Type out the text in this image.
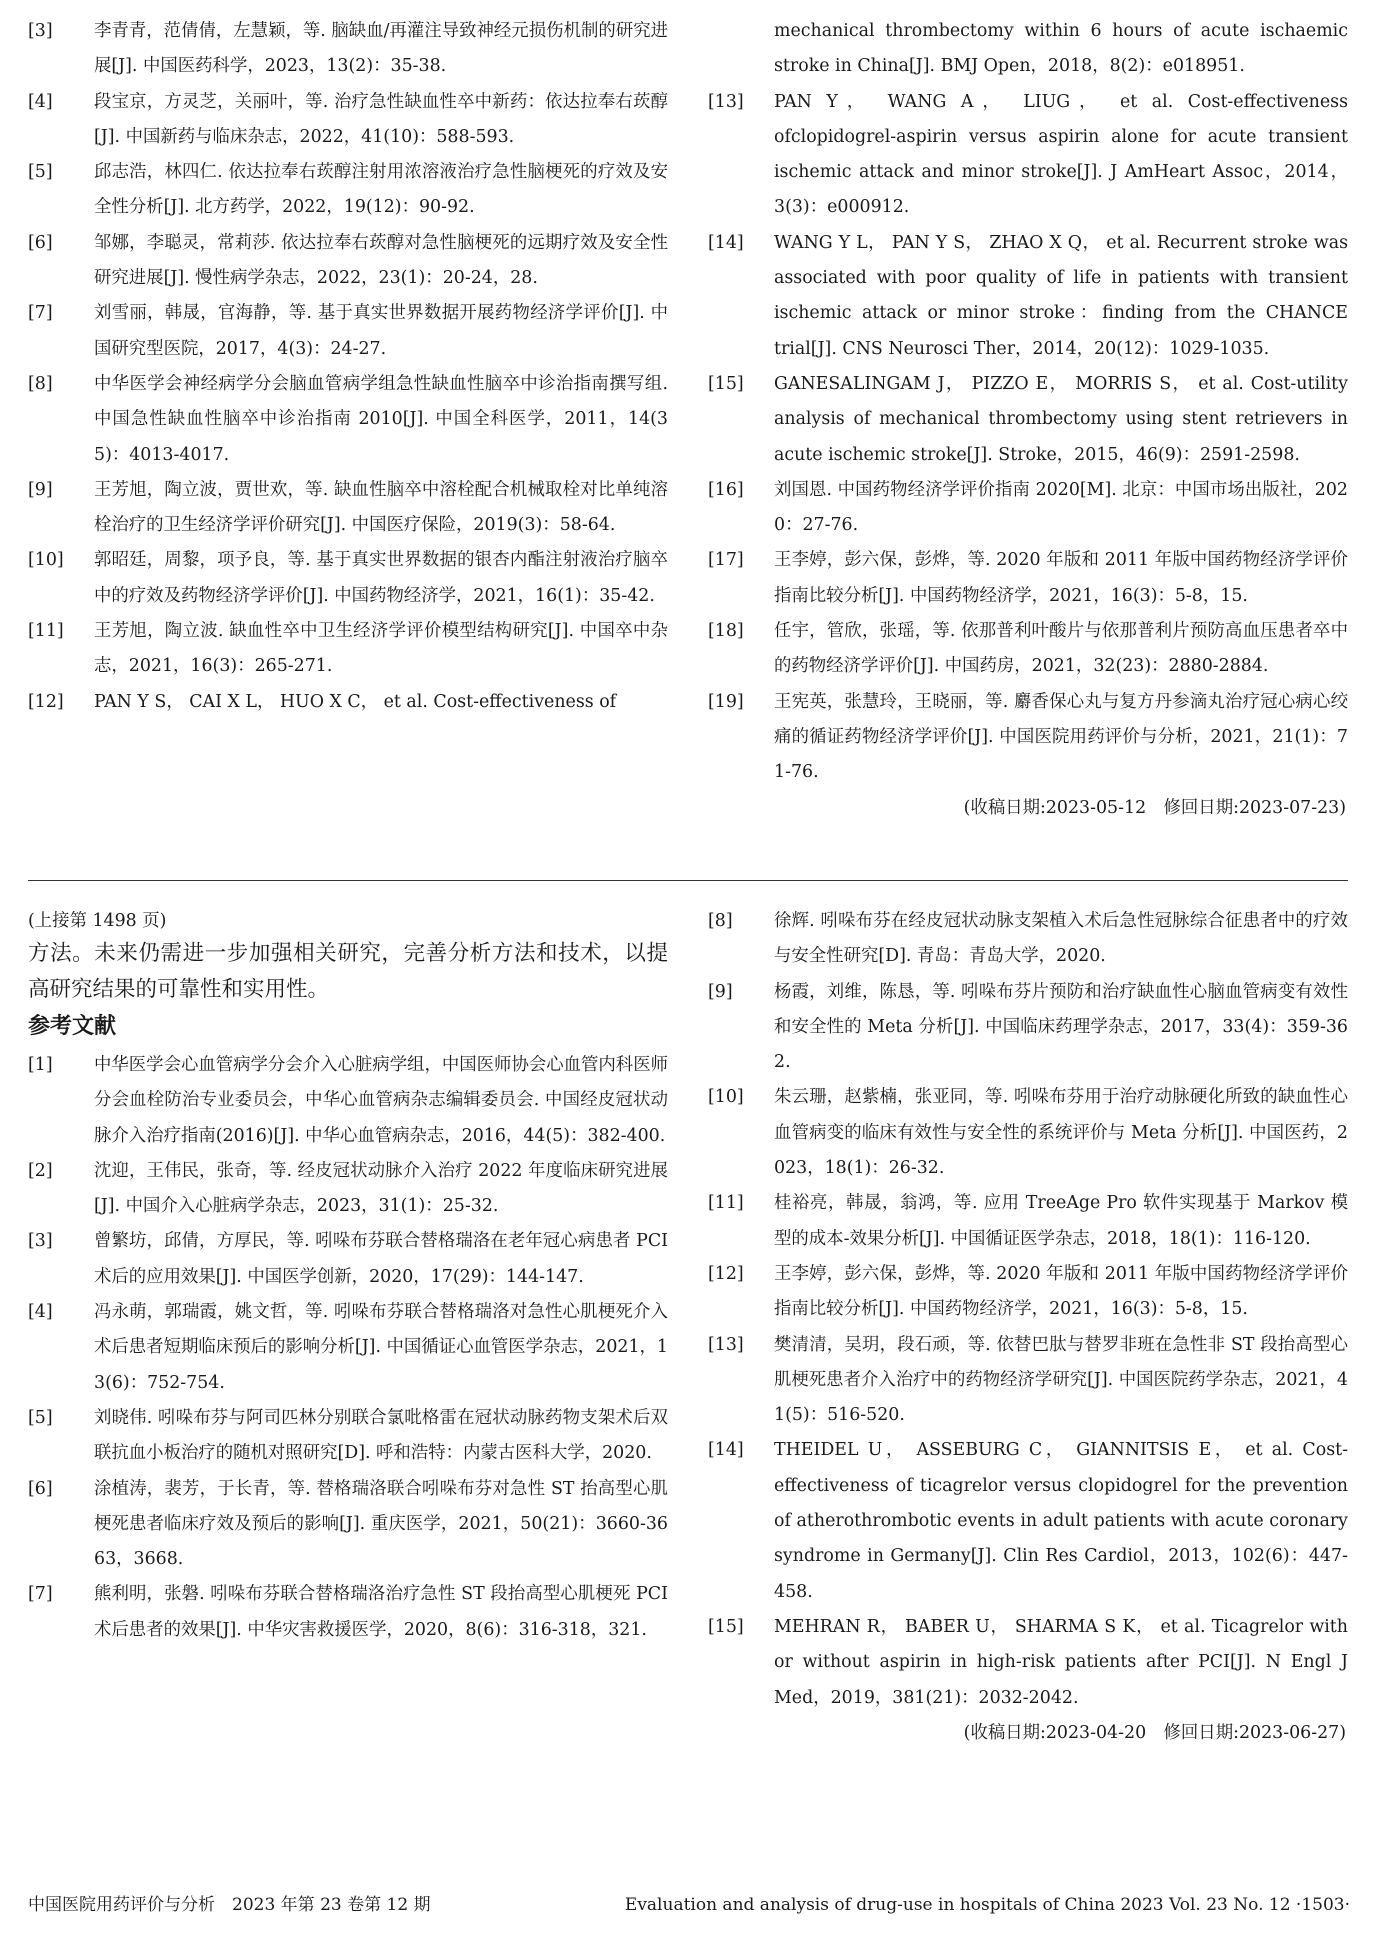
[3]	李青青，范倩倩，左慧颖，等. 脑缺血/再灌注导致神经元损伤机制的研究进展[J]. 中国医药科学，2023，13(2)：35-38.
[4]	段宝京，方灵芝，关丽叶，等. 治疗急性缺血性卒中新药：依达拉奉右莰醇[J]. 中国新药与临床杂志，2022，41(10)：588-593.
[5]	邱志浩，林四仁. 依达拉奉右莰醇注射用浓溶液治疗急性脑梗死的疗效及安全性分析[J]. 北方药学，2022，19(12)：90-92.
[6]	邹娜，李聪灵，常莉莎. 依达拉奉右莰醇对急性脑梗死的远期疗效及安全性研究进展[J]. 慢性病学杂志，2022，23(1)：20-24，28.
[7]	刘雪丽，韩晟，官海静，等. 基于真实世界数据开展药物经济学评价[J]. 中国研究型医院，2017，4(3)：24-27.
[8]	中华医学会神经病学分会脑血管病学组急性缺血性脑卒中诊治指南撰写组. 中国急性缺血性脑卒中诊治指南 2010[J]. 中国全科医学，2011，14(35)：4013-4017.
[9]	王芳旭，陶立波，贾世欢，等. 缺血性脑卒中溶栓配合机械取栓对比单纯溶栓治疗的卫生经济学评价研究[J]. 中国医疗保险，2019(3)：58-64.
[10]	郭昭廷，周黎，项予良，等. 基于真实世界数据的银杏内酯注射液治疗脑卒中的疗效及药物经济学评价[J]. 中国药物经济学，2021，16(1)：35-42.
[11]	王芳旭，陶立波. 缺血性卒中卫生经济学评价模型结构研究[J]. 中国卒中杂志，2021，16(3)：265-271.
[12]	PAN Y S， CAI X L， HUO X C， et al. Cost-effectiveness of
mechanical thrombectomy within 6 hours of acute ischaemic stroke in China[J]. BMJ Open，2018，8(2)：e018951.
[13]	PAN Y， WANG A， LIUG， et al. Cost-effectiveness ofclopidogrel-aspirin versus aspirin alone for acute transient ischemic attack and minor stroke[J]. J AmHeart Assoc，2014，3(3)：e000912.
[14]	WANG Y L， PAN Y S， ZHAO X Q， et al. Recurrent stroke was associated with poor quality of life in patients with transient ischemic attack or minor stroke：finding from the CHANCE trial[J]. CNS Neurosci Ther，2014，20(12)：1029-1035.
[15]	GANESALINGAM J， PIZZO E， MORRIS S， et al. Cost-utility analysis of mechanical thrombectomy using stent retrievers in acute ischemic stroke[J]. Stroke，2015，46(9)：2591-2598.
[16]	刘国恩. 中国药物经济学评价指南 2020[M]. 北京：中国市场出版社，2020：27-76.
[17]	王李婷，彭六保，彭烨，等. 2020 年版和 2011 年版中国药物经济学评价指南比较分析[J]. 中国药物经济学，2021，16(3)：5-8，15.
[18]	任宇，管欣，张瑶，等. 依那普利叶酸片与依那普利片预防高血压患者卒中的药物经济学评价[J]. 中国药房，2021，32(23)：2880-2884.
[19]	王宪英，张慧玲，王晓丽，等. 麝香保心丸与复方丹参滴丸治疗冠心病心绞痛的循证药物经济学评价[J]. 中国医院用药评价与分析，2021，21(1)：71-76.
(收稿日期:2023-05-12　修回日期:2023-07-23)
(上接第 1498 页)
方法。未来仍需进一步加强相关研究，完善分析方法和技术，以提高研究结果的可靠性和实用性。
参考文献
[1]	中华医学会心血管病学分会介入心脏病学组，中国医师协会心血管内科医师分会血栓防治专业委员会，中华心血管病杂志编辑委员会. 中国经皮冠状动脉介入治疗指南(2016)[J]. 中华心血管病杂志，2016，44(5)：382-400.
[2]	沈迎，王伟民，张奇，等. 经皮冠状动脉介入治疗 2022 年度临床研究进展[J]. 中国介入心脏病学杂志，2023，31(1)：25-32.
[3]	曾繁坊，邱倩，方厚民，等. 吲哚布芬联合替格瑞洛在老年冠心病患者 PCI 术后的应用效果[J]. 中国医学创新，2020，17(29)：144-147.
[4]	冯永萌，郭瑞霞，姚文哲，等. 吲哚布芬联合替格瑞洛对急性心肌梗死介入术后患者短期临床预后的影响分析[J]. 中国循证心血管医学杂志，2021，13(6)：752-754.
[5]	刘晓伟. 吲哚布芬与阿司匹林分别联合氯吡格雷在冠状动脉药物支架术后双联抗血小板治疗的随机对照研究[D]. 呼和浩特：内蒙古医科大学，2020.
[6]	涂植涛，裴芳，于长青，等. 替格瑞洛联合吲哚布芬对急性 ST 抬高型心肌梗死患者临床疗效及预后的影响[J]. 重庆医学，2021，50(21)：3660-3663，3668.
[7]	熊利明，张磐. 吲哚布芬联合替格瑞洛治疗急性 ST 段抬高型心肌梗死 PCI 术后患者的效果[J]. 中华灾害救援医学，2020，8(6)：316-318，321.
[8]	徐辉. 吲哚布芬在经皮冠状动脉支架植入术后急性冠脉综合征患者中的疗效与安全性研究[D]. 青岛：青岛大学，2020.
[9]	杨霞，刘维，陈恳，等. 吲哚布芬片预防和治疗缺血性心脑血管病变有效性和安全性的 Meta 分析[J]. 中国临床药理学杂志，2017，33(4)：359-362.
[10]	朱云珊，赵紫楠，张亚同，等. 吲哚布芬用于治疗动脉硬化所致的缺血性心血管病变的临床有效性与安全性的系统评价与 Meta 分析[J]. 中国医药，2023，18(1)：26-32.
[11]	桂裕亮，韩晟，翁鸿，等. 应用 TreeAge Pro 软件实现基于 Markov 模型的成本-效果分析[J]. 中国循证医学杂志，2018，18(1)：116-120.
[12]	王李婷，彭六保，彭烨，等. 2020 年版和 2011 年版中国药物经济学评价指南比较分析[J]. 中国药物经济学，2021，16(3)：5-8，15.
[13]	樊清清，吴玥，段石顽，等. 依替巴肽与替罗非班在急性非 ST 段抬高型心肌梗死患者介入治疗中的药物经济学研究[J]. 中国医院药学杂志，2021，41(5)：516-520.
[14]	THEIDEL U， ASSEBURG C， GIANNITSIS E， et al. Cost-effectiveness of ticagrelor versus clopidogrel for the prevention of atherothrombotic events in adult patients with acute coronary syndrome in Germany[J]. Clin Res Cardiol，2013，102(6)：447-458.
[15]	MEHRAN R， BABER U， SHARMA S K， et al. Ticagrelor with or without aspirin in high-risk patients after PCI[J]. N Engl J Med，2019，381(21)：2032-2042.
(收稿日期:2023-04-20　修回日期:2023-06-27)
中国医院用药评价与分析　2023 年第 23 卷第 12 期	Evaluation and analysis of drug-use in hospitals of China 2023 Vol. 23 No. 12 ·1503·
